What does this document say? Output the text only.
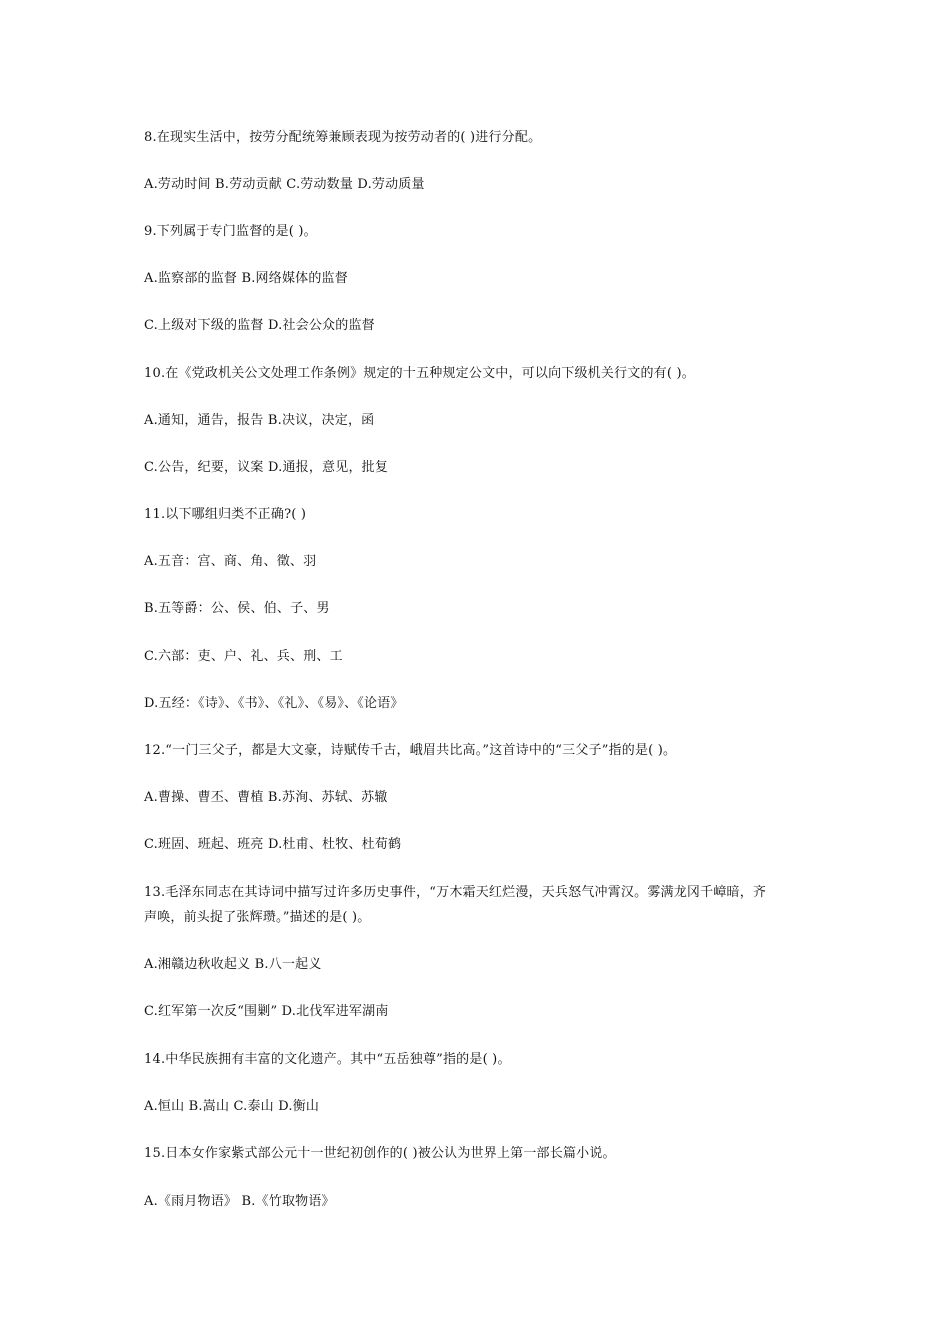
8.在现实生活中，按劳分配统筹兼顾表现为按劳动者的( )进行分配。
A.劳动时间 B.劳动贡献 C.劳动数量 D.劳动质量
9.下列属于专门监督的是( )。
A.监察部的监督 B.网络媒体的监督
C.上级对下级的监督 D.社会公众的监督
10.在《党政机关公文处理工作条例》规定的十五种规定公文中，可以向下级机关行文的有( )。
A.通知，通告，报告 B.决议，决定，函
C.公告，纪要，议案 D.通报，意见，批复
11.以下哪组归类不正确?( )
A.五音：宫、商、角、徵、羽
B.五等爵：公、侯、伯、子、男
C.六部：吏、户、礼、兵、刑、工
D.五经：《诗》、《书》、《礼》、《易》、《论语》
12.“一门三父子，都是大文豪，诗赋传千古，峨眉共比高。”这首诗中的“三父子”指的是( )。
A.曹操、曹丕、曹植 B.苏洵、苏轼、苏辙
C.班固、班起、班亮 D.杜甫、杜牧、杜荀鹤
13.毛泽东同志在其诗词中描写过许多历史事件，“万木霜天红烂漫，天兵怒气冲霄汉。雾满龙冈千嶂暗，齐
声唤，前头捉了张辉瓒。”描述的是( )。
A.湘赣边秋收起义 B.八一起义
C.红军第一次反“围剿” D.北伐军进军湖南
14.中华民族拥有丰富的文化遗产。其中“五岳独尊”指的是( )。
A.恒山 B.嵩山 C.泰山 D.衡山
15.日本女作家紫式部公元十一世纪初创作的( )被公认为世界上第一部长篇小说。
A.《雨月物语》 B.《竹取物语》
